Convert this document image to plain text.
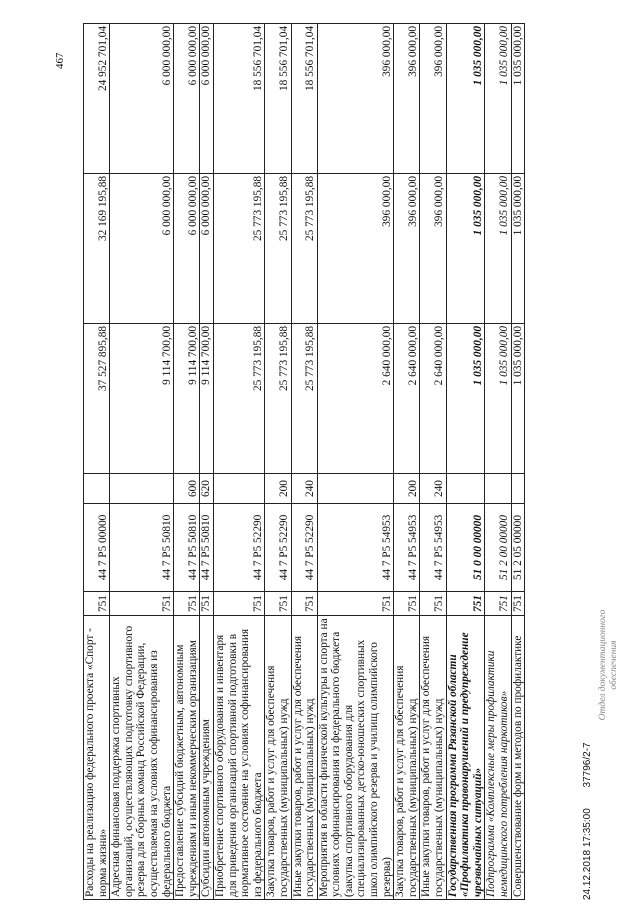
467
Расходы на реализацию федерального проекта «Спорт - норма жизни»	751	44 7 P5 00000		37 527 895,88	32 169 195,88	24 952 701,04
Адресная финансовая поддержка спортивных организаций, осуществляющих подготовку спортивного резерва для сборных команд Российской Федерации, осуществляемая на условиях софинансирования из федерального бюджета	751	44 7 P5 50810		9 114 700,00	6 000 000,00	6 000 000,00
Предоставление субсидий бюджетным, автономным учреждениям и иным некоммерческим организациям	751	44 7 P5 50810	600	9 114 700,00	6 000 000,00	6 000 000,00
Субсидии автономным учреждениям	751	44 7 P5 50810	620	9 114 700,00	6 000 000,00	6 000 000,00
Приобретение спортивного оборудования и инвентаря для приведения организаций спортивной подготовки в нормативное состояние на условиях софинансирования из федерального бюджета	751	44 7 P5 52290		25 773 195,88	25 773 195,88	18 556 701,04
Закупка товаров, работ и услуг для обеспечения государственных (муниципальных) нужд	751	44 7 P5 52290	200	25 773 195,88	25 773 195,88	18 556 701,04
Иные закупки товаров, работ и услуг для обеспечения государственных (муниципальных) нужд	751	44 7 P5 52290	240	25 773 195,88	25 773 195,88	18 556 701,04
Мероприятия в области физической культуры и спорта на условиях софинансирования из федерального бюджета (закупка спортивного оборудования для специализированных детско-юношеских спортивных школ олимпийского резерва и училищ олимпийского резерва)	751	44 7 P5 54953		2 640 000,00	396 000,00	396 000,00
Закупка товаров, работ и услуг для обеспечения государственных (муниципальных) нужд	751	44 7 P5 54953	200	2 640 000,00	396 000,00	396 000,00
Иные закупки товаров, работ и услуг для обеспечения государственных (муниципальных) нужд	751	44 7 P5 54953	240	2 640 000,00	396 000,00	396 000,00
Государственная программа Рязанской области «Профилактика правонарушений и предупреждение чрезвычайных ситуаций»	751	51 0 00 00000		1 035 000,00	1 035 000,00	1 035 000,00
Подпрограмма «Комплексные меры профилактики немедицинского потребления наркотиков»	751	51 2 00 00000		1 035 000,00	1 035 000,00	1 035 000,00
Совершенствование форм и методов по профилактике	751	51 2 05 00000		1 035 000,00	1 035 000,00	1 035 000,00
24.12.2018 17:35:00 37796/2-7
Отдел документационного обеспечения
